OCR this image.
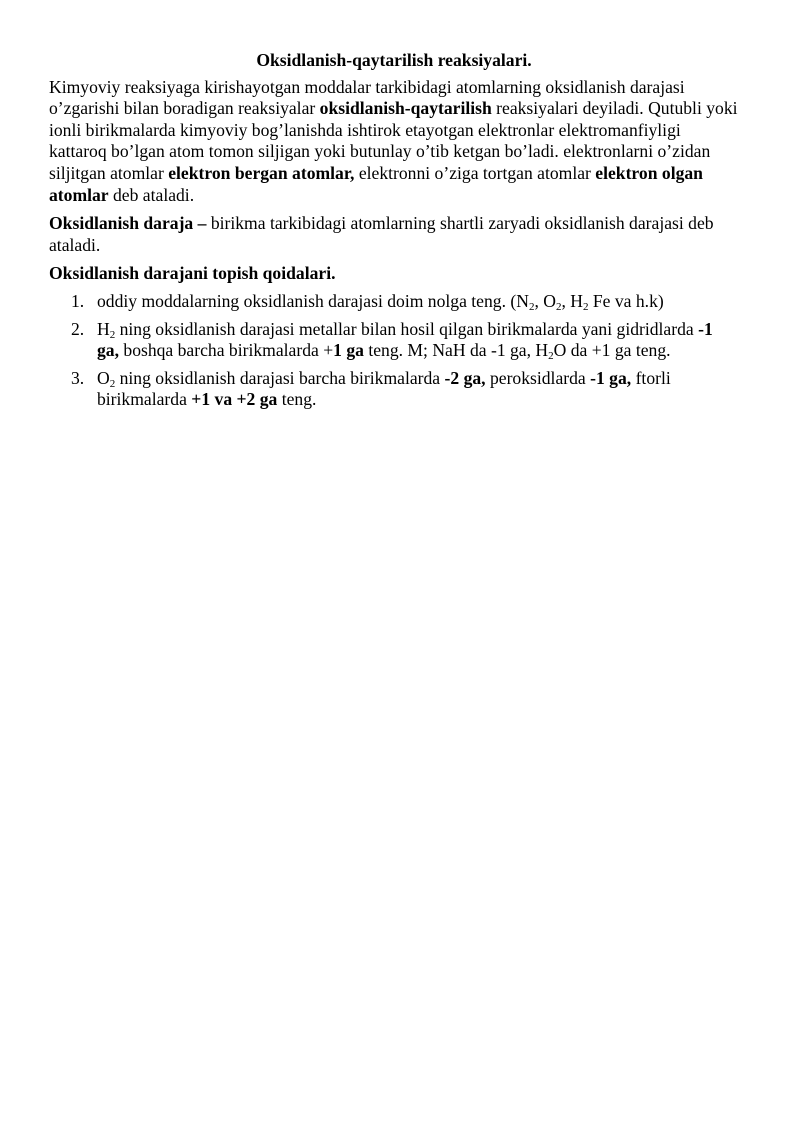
Oksidlanish-qaytarilish reaksiyalari.

Kimyoviy reaksiyaga kirishayotgan moddalar tarkibidagi atomlarning oksidlanish darajasi o’zgarishi bilan boradigan reaksiyalar oksidlanish-qaytarilish reaksiyalari deyiladi. Qutubli yoki ionli birikmalarda kimyoviy bog’lanishda ishtirok etayotgan elektronlar elektromanfiyligi kattaroq bo’lgan atom tomon siljigan yoki butunlay o’tib ketgan bo’ladi. elektronlarni o’zidan siljitgan atomlar elektron bergan atomlar, elektronni o’ziga tortgan atomlar elektron olgan atomlar deb ataladi.

Oksidlanish daraja – birikma tarkibidagi atomlarning shartli zaryadi oksidlanish darajasi deb ataladi.

Oksidlanish darajani topish qoidalari.
1. oddiy moddalarning oksidlanish darajasi doim nolga teng. ($N_2$, $O_2$, $H_2$ Fe va h.k)
2. $H_2$ ning oksidlanish darajasi metallar bilan hosil qilgan birikmalarda yani gidridlarda -1 ga, boshqa barcha birikmalarda +1 ga teng. M; NaH da -1 ga, $H_2O$ da +1 ga teng.
3. $O_2$ ning oksidlanish darajasi barcha birikmalarda -2 ga, peroksidlarda -1 ga, ftorli birikmalarda +1 va +2 ga teng.
